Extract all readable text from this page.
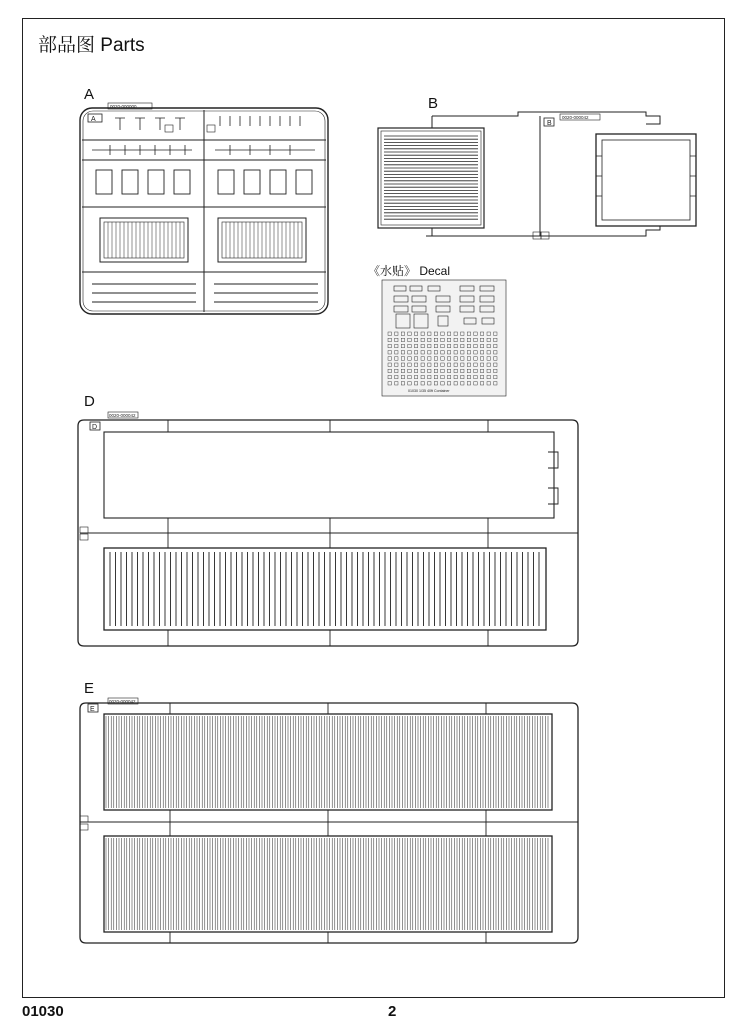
部品图 Parts
A
B
D
E
《水贴》 Decal
A
0020-000000
B
0020-000042
01030 1/35 40ft Container
D
0020-000042
E
0020-000042
01030	2
